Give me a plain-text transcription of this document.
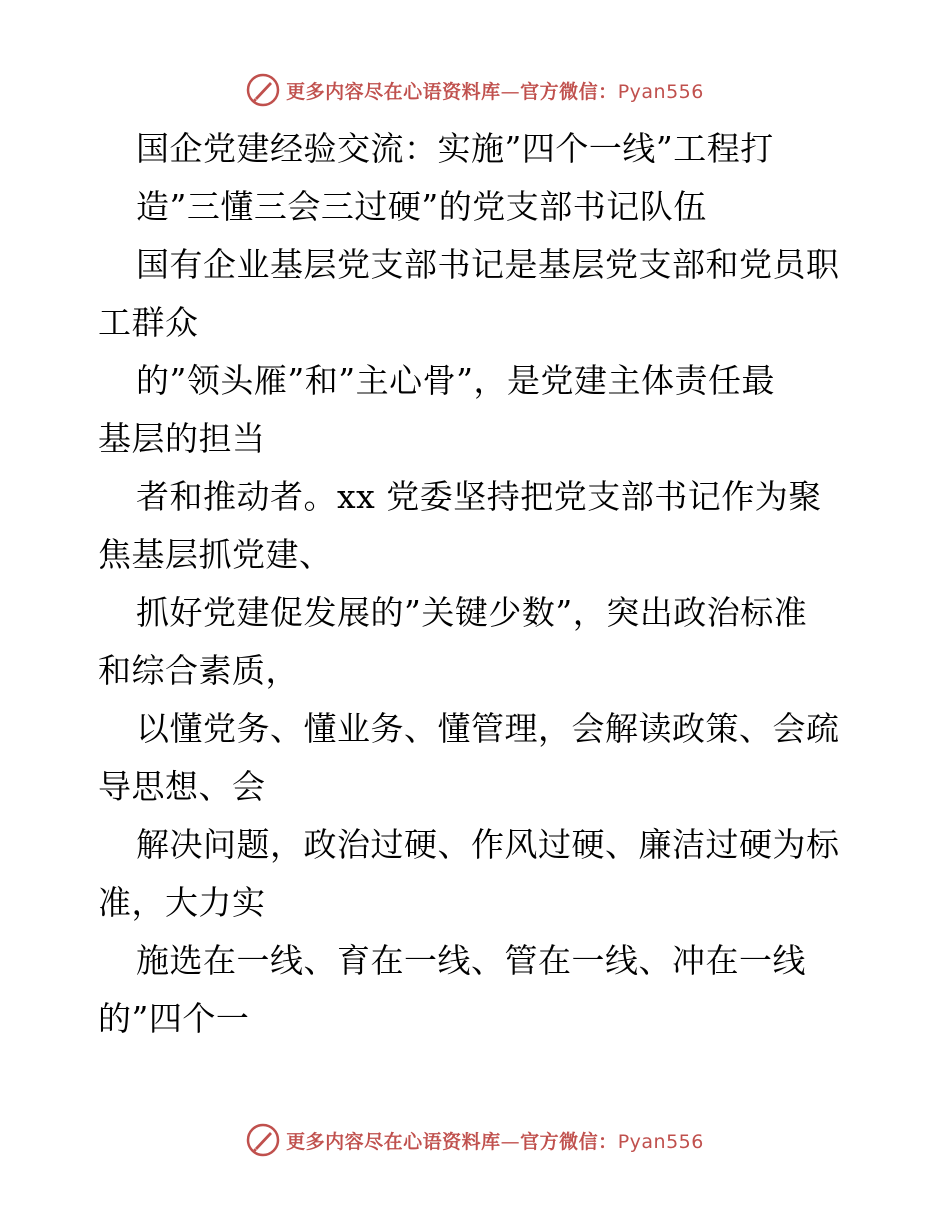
更多内容尽在心语资料库—官方微信：Pyan556
国企党建经验交流：实施”四个一线”工程打
造”三懂三会三过硬”的党支部书记队伍
国有企业基层党支部书记是基层党支部和党员职
工群众
的”领头雁”和”主心骨”，是党建主体责任最
基层的担当
者和推动者。xx 党委坚持把党支部书记作为聚
焦基层抓党建、
抓好党建促发展的”关键少数”，突出政治标准
和综合素质，
以懂党务、懂业务、懂管理，会解读政策、会疏
导思想、会
解决问题，政治过硬、作风过硬、廉洁过硬为标
准，大力实
施选在一线、育在一线、管在一线、冲在一线
的”四个一
更多内容尽在心语资料库—官方微信：Pyan556
